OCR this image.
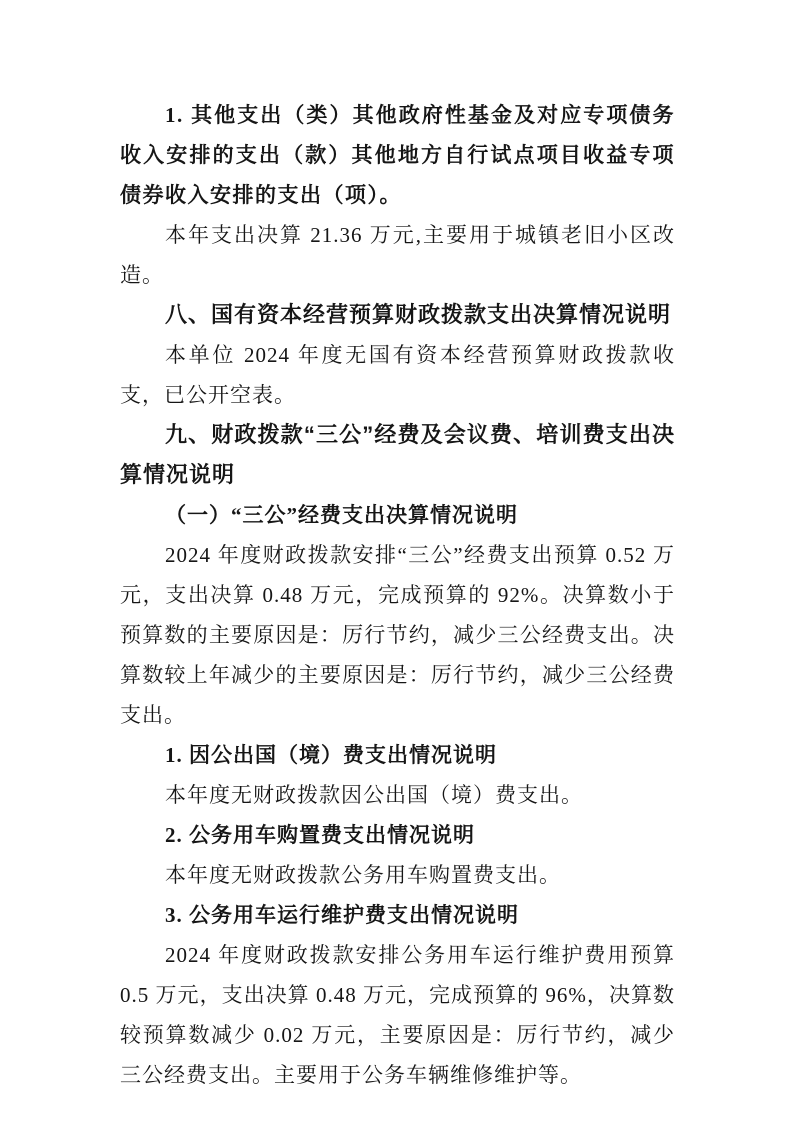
1. 其他支出（类）其他政府性基金及对应专项债务收入安排的支出（款）其他地方自行试点项目收益专项债券收入安排的支出（项）。

本年支出决算 21.36 万元,主要用于城镇老旧小区改造。

八、国有资本经营预算财政拨款支出决算情况说明

本单位 2024 年度无国有资本经营预算财政拨款收支，已公开空表。

九、财政拨款“三公”经费及会议费、培训费支出决算情况说明

（一）“三公”经费支出决算情况说明

2024 年度财政拨款安排“三公”经费支出预算 0.52 万元，支出决算 0.48 万元，完成预算的 92%。决算数小于预算数的主要原因是：厉行节约，减少三公经费支出。决算数较上年减少的主要原因是：厉行节约，减少三公经费支出。

1. 因公出国（境）费支出情况说明

本年度无财政拨款因公出国（境）费支出。

2. 公务用车购置费支出情况说明

本年度无财政拨款公务用车购置费支出。

3. 公务用车运行维护费支出情况说明

2024 年度财政拨款安排公务用车运行维护费用预算 0.5 万元，支出决算 0.48 万元，完成预算的 96%，决算数较预算数减少 0.02 万元，主要原因是：厉行节约，减少三公经费支出。主要用于公务车辆维修维护等。
